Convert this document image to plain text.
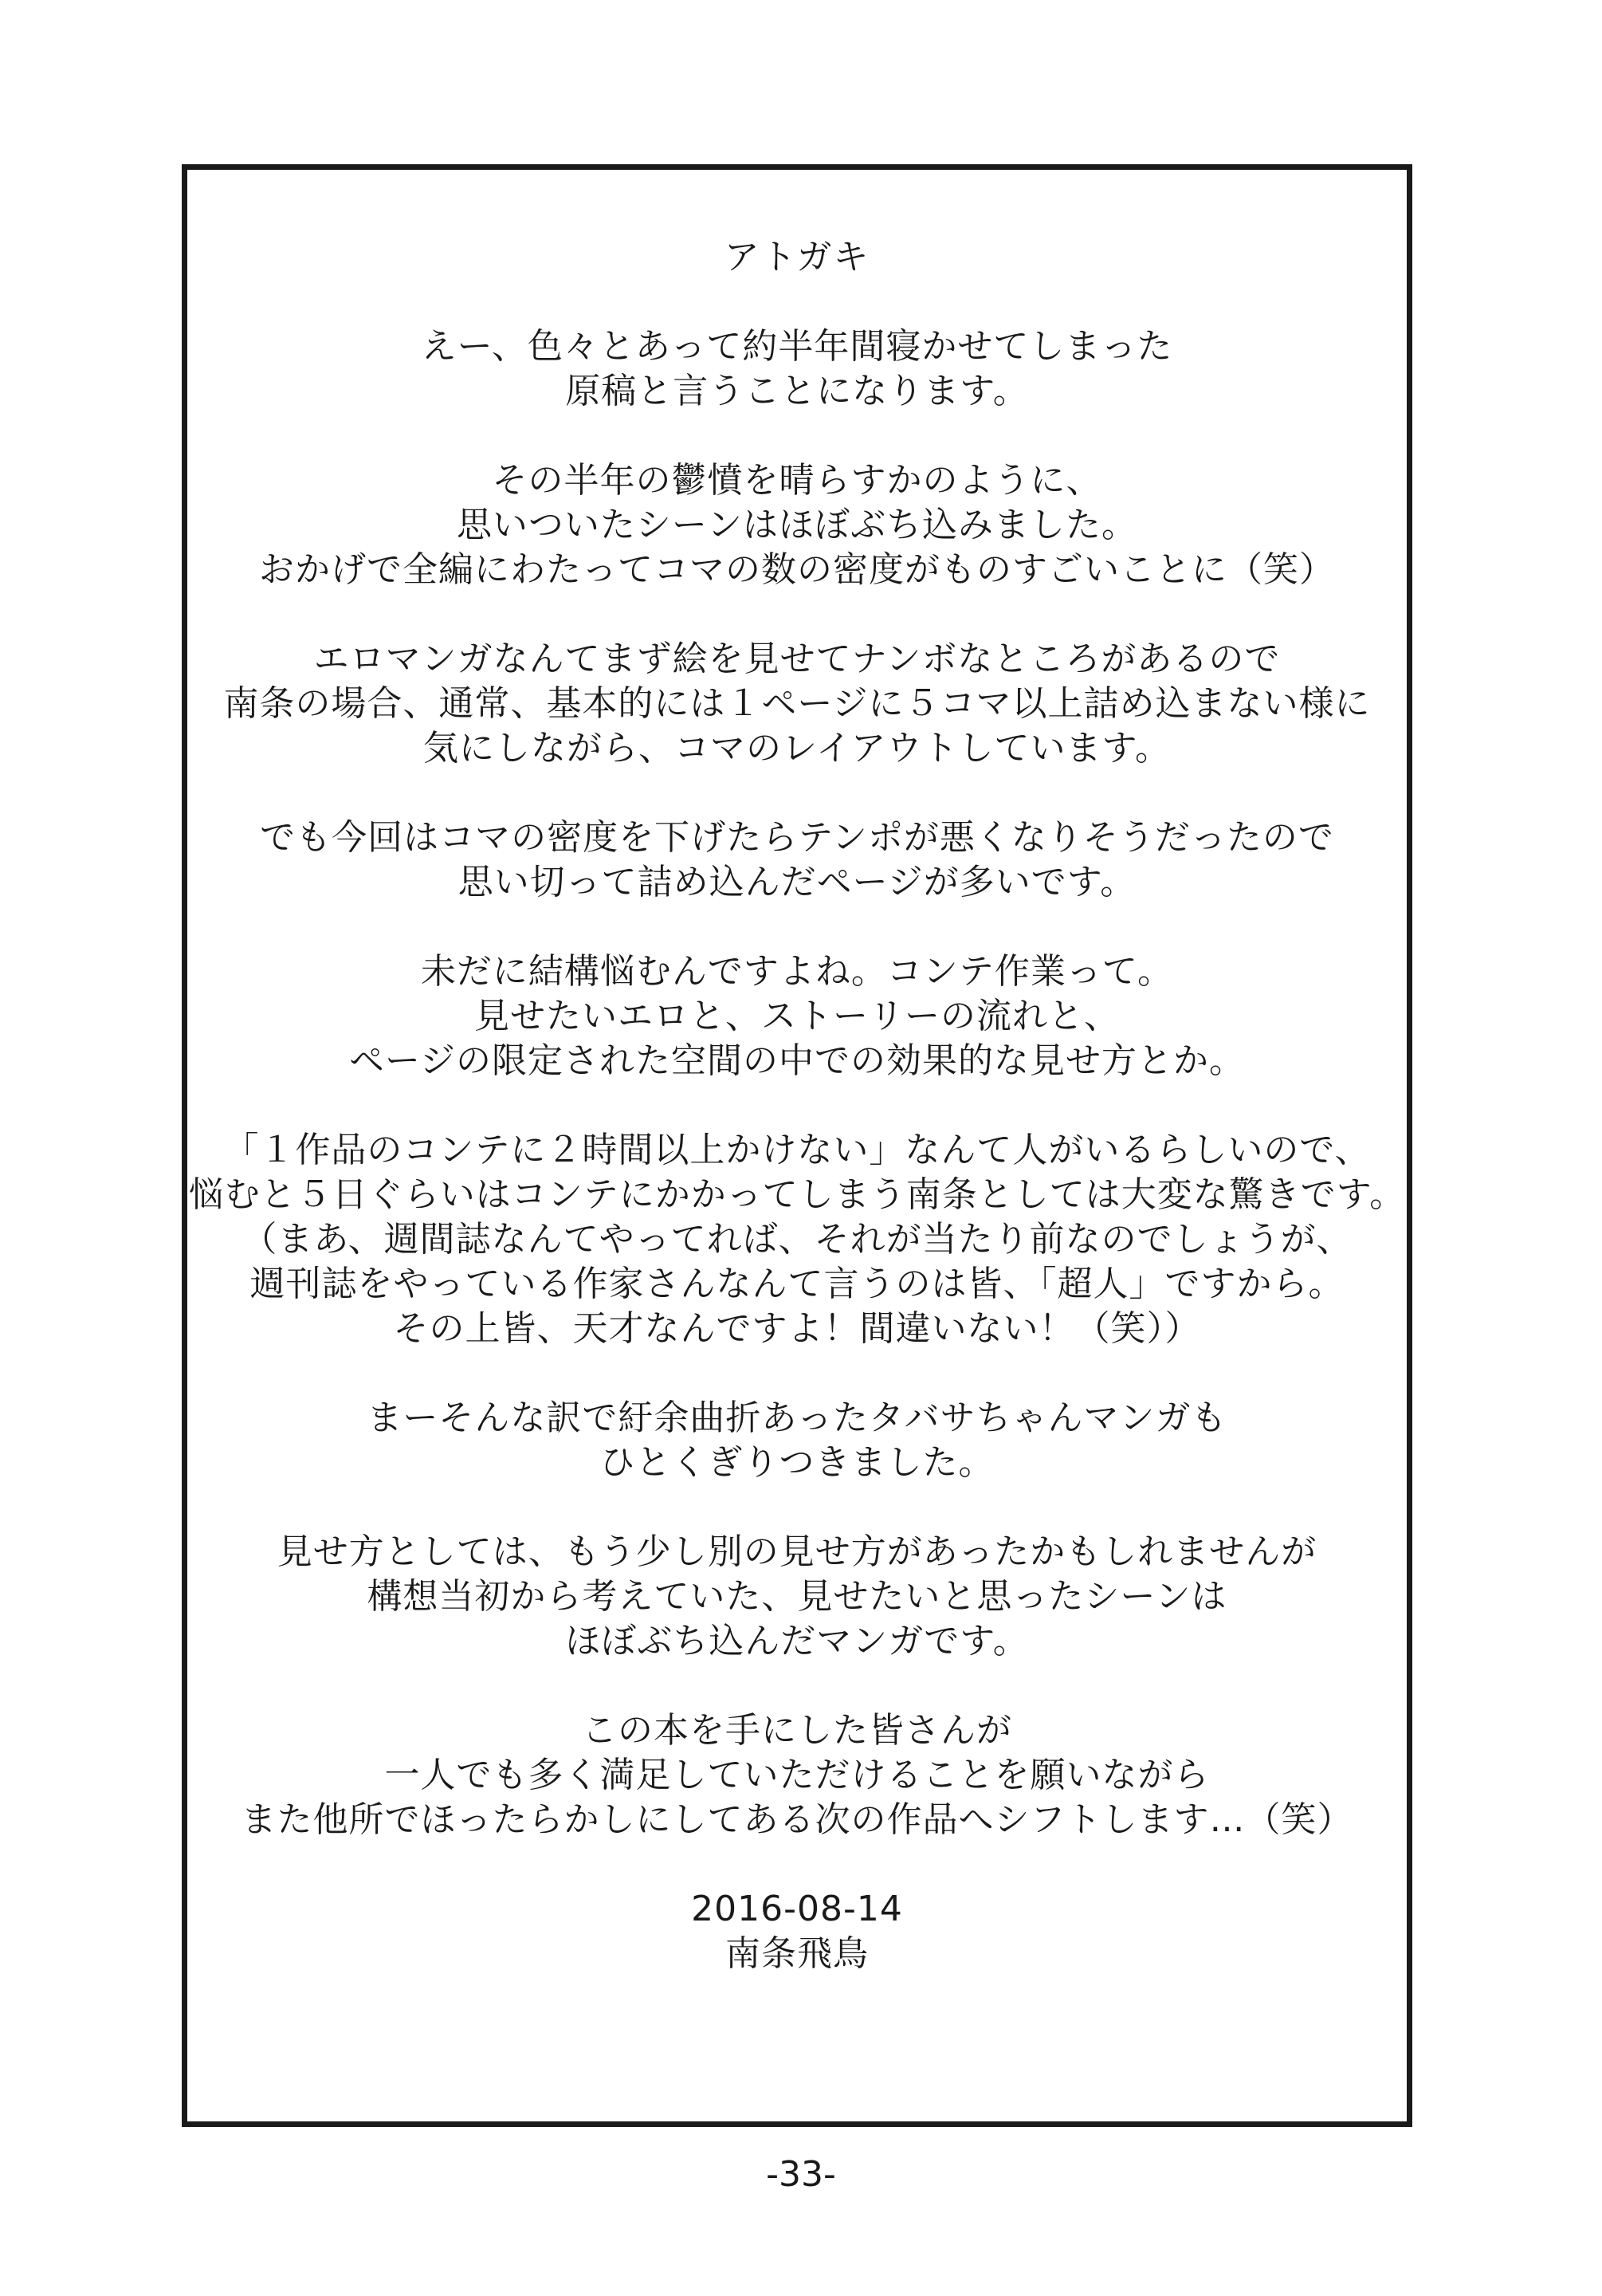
アトガキ
えー、色々とあって約半年間寝かせてしまった
原稿と言うことになります。
その半年の鬱憤を晴らすかのように、
思いついたシーンはほぼぶち込みました。
おかげで全編にわたってコマの数の密度がものすごいことに（笑）
エロマンガなんてまず絵を見せてナンボなところがあるので
南条の場合、通常、基本的には１ページに５コマ以上詰め込まない様に
気にしながら、コマのレイアウトしています。
でも今回はコマの密度を下げたらテンポが悪くなりそうだったので
思い切って詰め込んだページが多いです。
未だに結構悩むんですよね。コンテ作業って。
見せたいエロと、ストーリーの流れと、
ページの限定された空間の中での効果的な見せ方とか。
「１作品のコンテに２時間以上かけない」なんて人がいるらしいので、
悩むと５日ぐらいはコンテにかかってしまう南条としては大変な驚きです。
（まあ、週間誌なんてやってれば、それが当たり前なのでしょうが、
週刊誌をやっている作家さんなんて言うのは皆、「超人」ですから。
その上皆、天才なんですよ！間違いない！（笑））
まーそんな訳で紆余曲折あったタバサちゃんマンガも
ひとくぎりつきました。
見せ方としては、もう少し別の見せ方があったかもしれませんが
構想当初から考えていた、見せたいと思ったシーンは
ほぼぶち込んだマンガです。
この本を手にした皆さんが
一人でも多く満足していただけることを願いながら
また他所でほったらかしにしてある次の作品へシフトします…（笑）
2016-08-14
南条飛鳥
-33-
